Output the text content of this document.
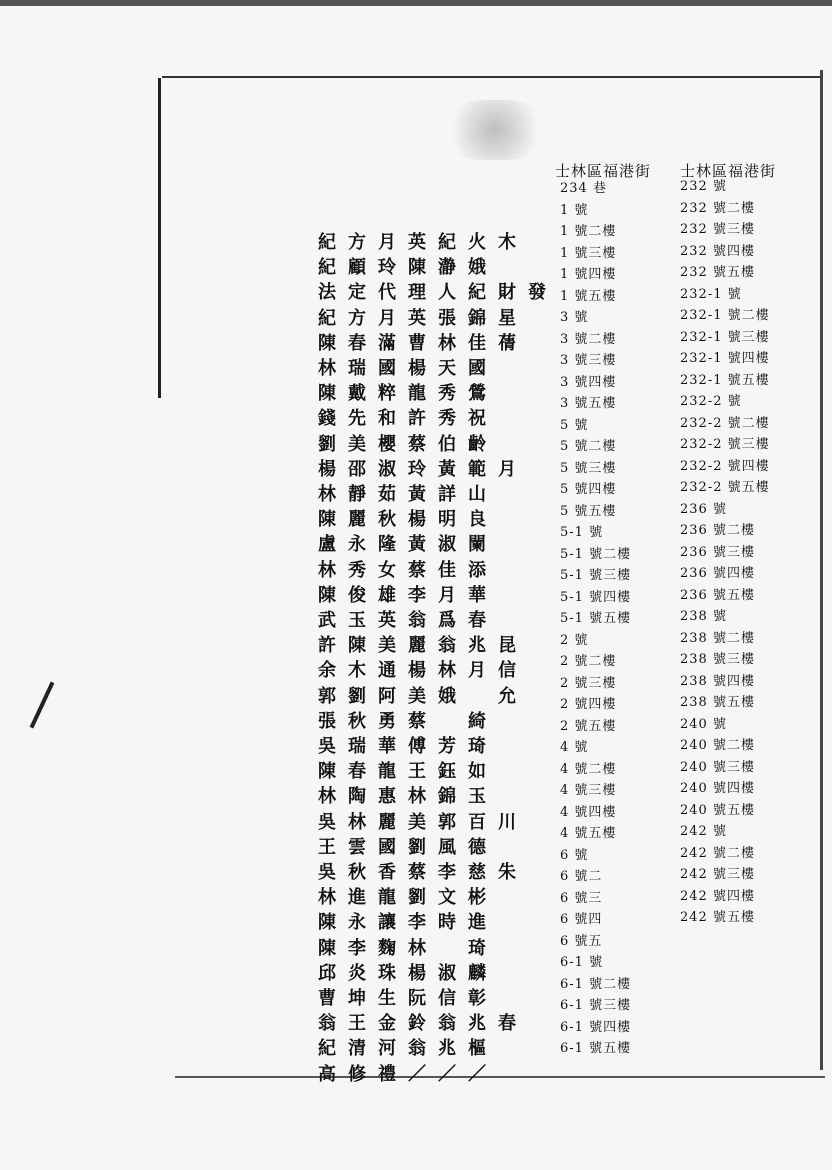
士林區福港街 士林區福港街
紀方月英紀火木
紀顧玲陳瀞娥
法定代理人紀財發
紀方月英張錦星
陳春滿曹林佳蒨
林瑞國楊天國
陳戴粹龍秀鶯
錢先和許秀祝
劉美櫻蔡伯齡
楊邵淑玲黃範月
林靜茹黃詳山
陳麗秋楊明良
盧永隆黃淑闌
林秀女蔡佳添
陳俊雄李月華
武玉英翁爲春
許陳美麗翁兆昆
余木通楊林月信
郭劉阿美娥　允
張秋勇蔡　綺
吳瑞華傅芳琦
陳春龍王鈺如
林陶惠林錦玉
吳林麗美郭百川
王雲國劉風德
吳秋香蔡李慈朱
林進龍劉文彬
陳永讓李時進
陳李麴林　琦
邱炎珠楊淑麟
曹坤生阮信彰
翁王金鈴翁兆春
紀清河翁兆樞
高修禮／／／
234 巷
1 號
1 號二樓
1 號三樓
1 號四樓
1 號五樓
3 號
3 號二樓
3 號三樓
3 號四樓
3 號五樓
5 號
5 號二樓
5 號三樓
5 號四樓
5 號五樓
5-1 號
5-1 號二樓
5-1 號三樓
5-1 號四樓
5-1 號五樓
2 號
2 號二樓
2 號三樓
2 號四樓
2 號五樓
4 號
4 號二樓
4 號三樓
4 號四樓
4 號五樓
6 號
6 號二
6 號三
6 號四
6 號五
6-1 號
6-1 號二樓
6-1 號三樓
6-1 號四樓
6-1 號五樓
232 號
232 號二樓
232 號三樓
232 號四樓
232 號五樓
232-1 號
232-1 號二樓
232-1 號三樓
232-1 號四樓
232-1 號五樓
232-2 號
232-2 號二樓
232-2 號三樓
232-2 號四樓
232-2 號五樓
236 號
236 號二樓
236 號三樓
236 號四樓
236 號五樓
238 號
238 號二樓
238 號三樓
238 號四樓
238 號五樓
240 號
240 號二樓
240 號三樓
240 號四樓
240 號五樓
242 號
242 號二樓
242 號三樓
242 號四樓
242 號五樓
